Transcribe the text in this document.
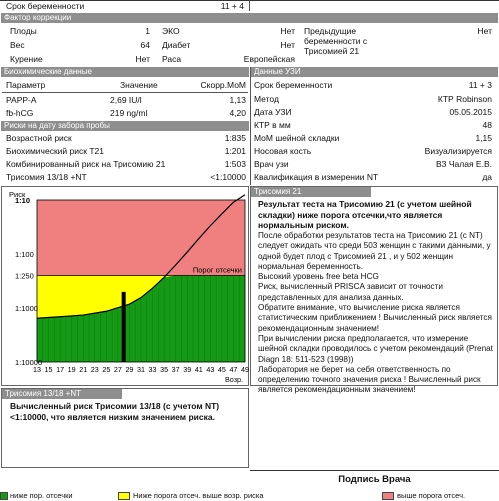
Срок беременности	11 + 4
Фактор коррекции
Плоды	1
Вес	64
Курение	Нет
ЭКО	Нет
Диабет	Нет
Раса	Европейская
Предыдущие беременности с Трисомией 21
Нет
Биохимические данные
Параметр	Значение	Скорр.МоМ
PAPP-A	2,69 IU/l	1,13
fb-hCG	219 ng/ml	4,20
Риски на дату забора пробы
Возрастной риск	1:835
Биохимический риск Т21	1:201
Комбинированный риск на Трисомию 21	1:503
Трисомия 13/18 +NT	<1:10000
Данные УЗИ
Срок беременности	11 + 3
Метод	КТР Robinson
Дата УЗИ	05.05.2015
КТР в мм	48
МоМ шейной складки	1,15
Носовая кость	Визуализируется
Врач узи	ВЗ Чалая Е.В.
Квалификация в измерении NT	да
Риск
1:10
1:100
1:250
1:1000
1:10000
13 15 17 19 21 23 25 27 29 31 33 35 37 39 41 43 45 47 49
Возр.
Порог отсечки
Трисомия 21
Результат теста на Трисомию 21 (с учетом шейной складки) ниже порога отсечки,что является нормальным риском.
После обработки результатов теста на Трисомию 21 (с NT) следует ожидать что среди 503 женщин с такими данными, у одной будет плод с Трисомией 21 , и у 502 женщин нормальная беременность.
Высокий уровень free beta HCG
Риск, вычисленный PRISCA зависит от точности представленных для анализа данных.
Обратите внимание, что вычисление риска является статистическим приближением ! Вычисленный риск является рекомендационным значением!
При вычислении риска предполагается, что измерение шейной складки проводилось с учетом рекомендаций (Prenat Diagn 18: 511-523 (1998))
Лаборатория не берет на себя ответственность по определению точного значения риска ! Вычисленный риск является рекомендационным значением!
Трисомия 13/18 +NT
Вычисленный риск Трисомии 13/18 (с учетом NT) <1:10000, что является низким значением риска.
Подпись Врача
ниже пор. отсечки	Ниже порога отсеч. выше возр. риска	выше порога отсеч.
